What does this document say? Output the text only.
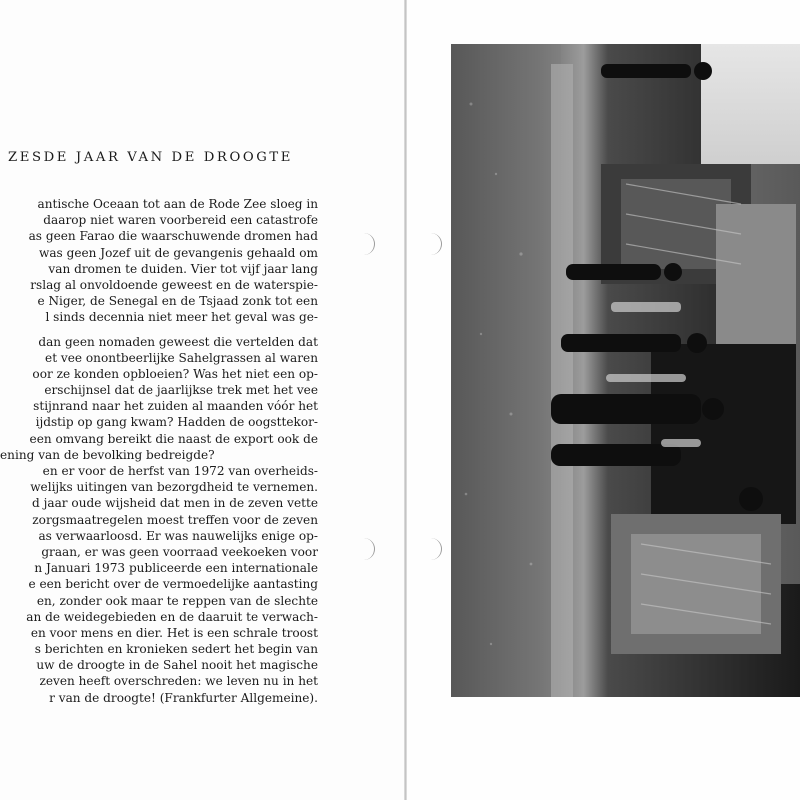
ZESDE JAAR VAN DE DROOGTE
antische Oceaan tot aan de Rode Zee sloeg in
daarop niet waren voorbereid een catastrofe
as geen Farao die waarschuwende dromen had
was geen Jozef uit de gevangenis gehaald om
van dromen te duiden. Vier tot vijf jaar lang
rslag al onvoldoende geweest en de waterspie-
e Niger, de Senegal en de Tsjaad zonk tot een
l sinds decennia niet meer het geval was ge-
dan geen nomaden geweest die vertelden dat
et vee onontbeerlijke Sahelgrassen al waren
oor ze konden opbloeien? Was het niet een op-
erschijnsel dat de jaarlijkse trek met het vee
stijnrand naar het zuiden al maanden vóór het
ijdstip op gang kwam? Hadden de oogsttekor-
een omvang bereikt die naast de export ook de
ening van de bevolking bedreigde?
en er voor de herfst van 1972 van overheids-
welijks uitingen van bezorgdheid te vernemen.
d jaar oude wijsheid dat men in de zeven vette
zorgsmaatregelen moest treffen voor de zeven
as verwaarloosd. Er was nauwelijks enige op-
graan, er was geen voorraad veekoeken voor
n Januari 1973 publiceerde een internationale
e een bericht over de vermoedelijke aantasting
en, zonder ook maar te reppen van de slechte
an de weidegebieden en de daaruit te verwach-
en voor mens en dier. Het is een schrale troost
s berichten en kronieken sedert het begin van
uw de droogte in de Sahel nooit het magische
zeven heeft overschreden: we leven nu in het
r van de droogte! (Frankfurter Allgemeine).
